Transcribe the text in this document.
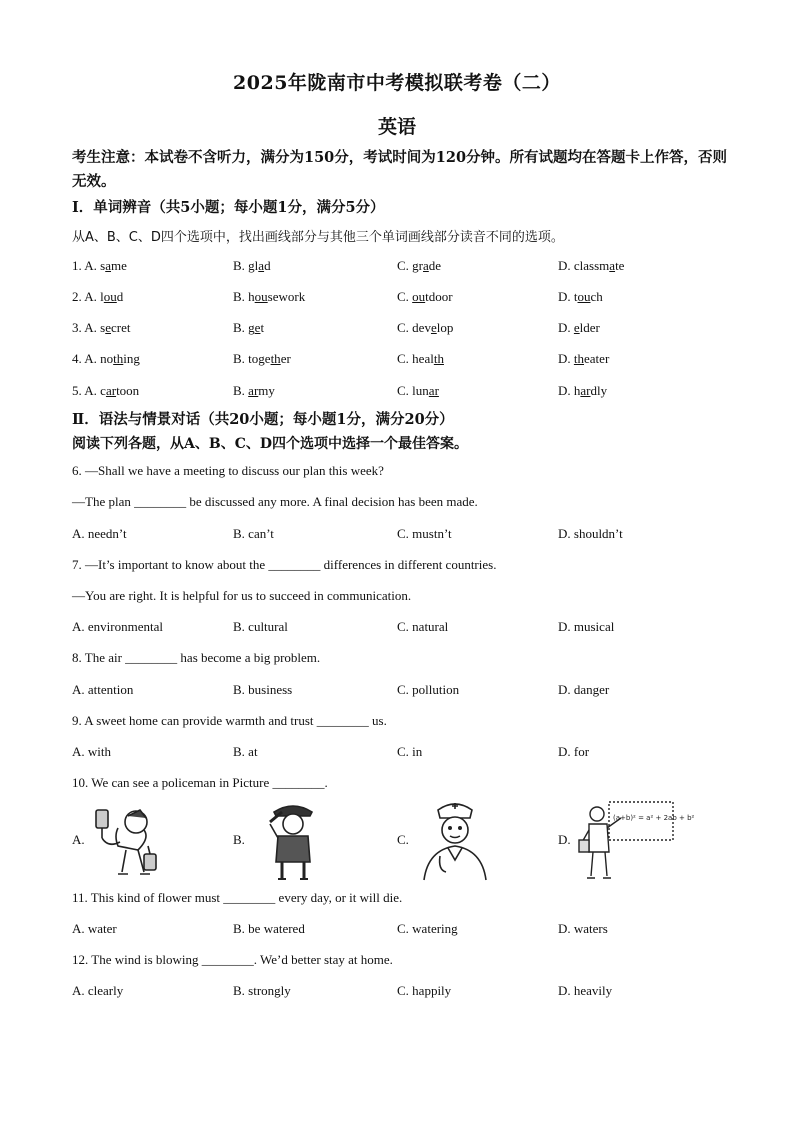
2025年陇南市中考模拟联考卷（二）
英语
考生注意：本试卷不含听力，满分为150分，考试时间为120分钟。所有试题均在答题卡上作答，否则无效。
Ⅰ．单词辨音（共5小题；每小题1分，满分5分）
从A、B、C、D四个选项中，找出画线部分与其他三个单词画线部分读音不同的选项。
1. A. same	B. glad	C. grade	D. classmate
2. A. loud	B. housework	C. outdoor	D. touch
3. A. secret	B. get	C. develop	D. elder
4. A. nothing	B. together	C. health	D. theater
5. A. cartoon	B. army	C. lunar	D. hardly
Ⅱ．语法与情景对话（共20小题；每小题1分，满分20分）
阅读下列各题，从A、B、C、D四个选项中选择一个最佳答案。
6. —Shall we have a meeting to discuss our plan this week?
—The plan ________ be discussed any more. A final decision has been made.
A. needn’t	B. can’t	C. mustn’t	D. shouldn’t
7. —It’s important to know about the ________ differences in different countries.
—You are right. It is helpful for us to succeed in communication.
A. environmental	B. cultural	C. natural	D. musical
8. The air ________ has become a big problem.
A. attention	B. business	C. pollution	D. danger
9. A sweet home can provide warmth and trust ________ us.
A. with	B. at	C. in	D. for
10. We can see a policeman in Picture ________.
A.	B.	C.	D.
(a+b)² = a² + 2ab + b²
11. This kind of flower must ________ every day, or it will die.
A. water	B. be watered	C. watering	D. waters
12. The wind is blowing ________. We’d better stay at home.
A. clearly	B. strongly	C. happily	D. heavily
